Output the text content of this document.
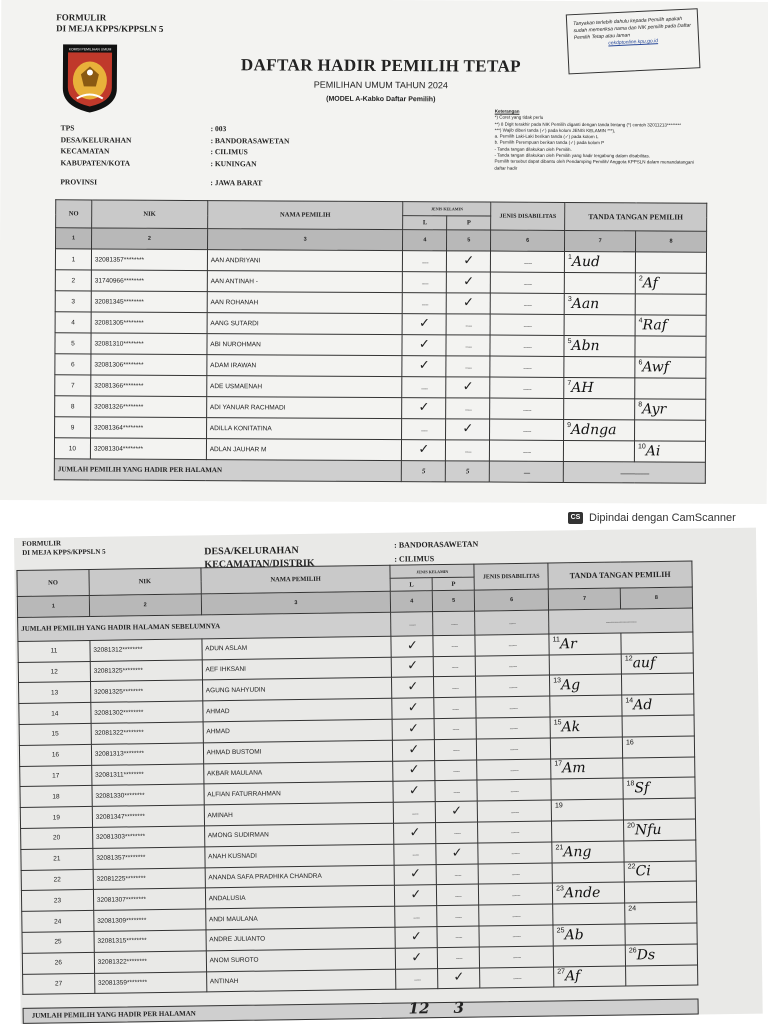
FORMULIR
DI MEJA KPPS/KPPSLN 5
KOMISI PEMILIHAN UMUM
DAFTAR HADIR PEMILIH TETAP
PEMILIHAN UMUM TAHUN 2024
(MODEL A-Kabko Daftar Pemilih)
Tanyakan terlebih dahulu kepada Pemilih apakah sudah memeriksa nama dan NIK pemilih pada Daftar Pemilih Tetap atau laman
cekdptonline.kpu.go.id
TPS	: 003
DESA/KELURAHAN	: BANDORASAWETAN
KECAMATAN	: CILIMUS
KABUPATEN/KOTA	: KUNINGAN
PROVINSI	: JAWA BARAT
Keterangan
*) Coret yang tidak perlu
**) 8 Digit terakhir pada NIK Pemilih diganti dengan tanda bintang (*) contoh 32011213********
***) Wajib diberi tanda (✓) pada kolom JENIS KELAMIN ***),
a. Pemilih Laki-Laki berikan tanda (✓) pada kolom L
b. Pemilih Perempuan berikan tanda (✓) pada kolom P
- Tanda tangan dilakukan oleh Pemilih.
- Tanda tangan dilakukan oleh Pemilih yang hadir tergabung dalam disabilitas.
Pemilih tersebut dapat dibantu oleh Pendamping Pemilih/ Anggota KPPSLN dalam menandatangani daftar hadir
NO	NIK	NAMA PEMILIH	JENIS KELAMIN		JENIS DISABILITAS	TANDA TANGAN PEMILIH	
			L	P			
1	2	3	4	5	6	7	8
1	32081357********	AAN ANDRIYANI	........	✓	..........	$^1$Aud	
2	31740966********	AAN ANTINAH -	........	✓	..........		$^2$Af
3	32081345********	AAN ROHANAH	........	✓	..........	$^3$Aan	
4	32081305********	AANG SUTARDI	✓	........	..........		$^4$Raf
5	32081310********	ABI NUROHMAN	✓	........	..........	$^5$Abn	
6	32081306********	ADAM IRAWAN	✓	........	..........		$^6$Awf
7	32081366********	ADE USMAENAH	........	✓	..........	$^7$AH	
8	32081326********	ADI YANUAR RACHMADI	✓	........	..........		$^8$Ayr
9	32081364********	ADILLA KONITATINA	........	✓	..........	$^9$Adnga	
10	32081304********	ADLAN JAUHAR M	✓	........	..........		$^{10}$Ai
JUMLAH PEMILIH YANG HADIR PER HALAMAN			5	5	........	......................................	
CS Dipindai dengan CamScanner
FORMULIR
DI MEJA KPPS/KPPSLN 5	DESA/KELURAHAN
KECAMATAN/DISTRIK
: BANDORASAWETAN
: CILIMUS
NO	NIK	NAMA PEMILIH	JENIS KELAMIN		JENIS DISABILITAS	TANDA TANGAN PEMILIH	
			L	P			
1	2	3	4	5	6	7	8
JUMLAH PEMILIH YANG HADIR HALAMAN SEBELUMNYA			........	........	........	......................................	
11	32081312********	ADUN ASLAM	✓	........	..........	$^{11}$Ar	
12	32081325********	AEF IHKSANI	✓	........	..........		$^{12}$auf
13	32081325********	AGUNG NAHYUDIN	✓	........	..........	$^{13}$Ag	
14	32081302********	AHMAD	✓	........	..........		$^{14}$Ad
15	32081322********	AHMAD	✓	........	..........	$^{15}$Ak	
16	32081313********	AHMAD BUSTOMI	✓	........	..........		$^{16}$
17	32081311********	AKBAR MAULANA	✓	........	..........	$^{17}$Am	
18	32081330********	ALFIAN FATURRAHMAN	✓	........	..........		$^{18}$Sf
19	32081347********	AMINAH	........	✓	..........	$^{19}$	
20	32081303********	AMONG SUDIRMAN	✓	........	..........		$^{20}$Nfu
21	32081357********	ANAH KUSNADI	........	✓	..........	$^{21}$Ang	
22	32081225********	ANANDA SAFA PRADHIKA CHANDRA	✓	........	..........		$^{22}$Ci
23	32081307********	ANDALUSIA	✓	........	..........	$^{23}$Ande	
24	32081309********	ANDI MAULANA	........	........	..........		$^{24}$
25	32081315********	ANDRE JULIANTO	✓	........	..........	$^{25}$Ab	
26	32081322********	ANOM SUROTO	✓	........	..........		$^{26}$Ds
27	32081359********	ANTINAH	........	✓	..........	$^{27}$Af	
JUMLAH PEMILIH YANG HADIR PER HALAMAN	12 3
